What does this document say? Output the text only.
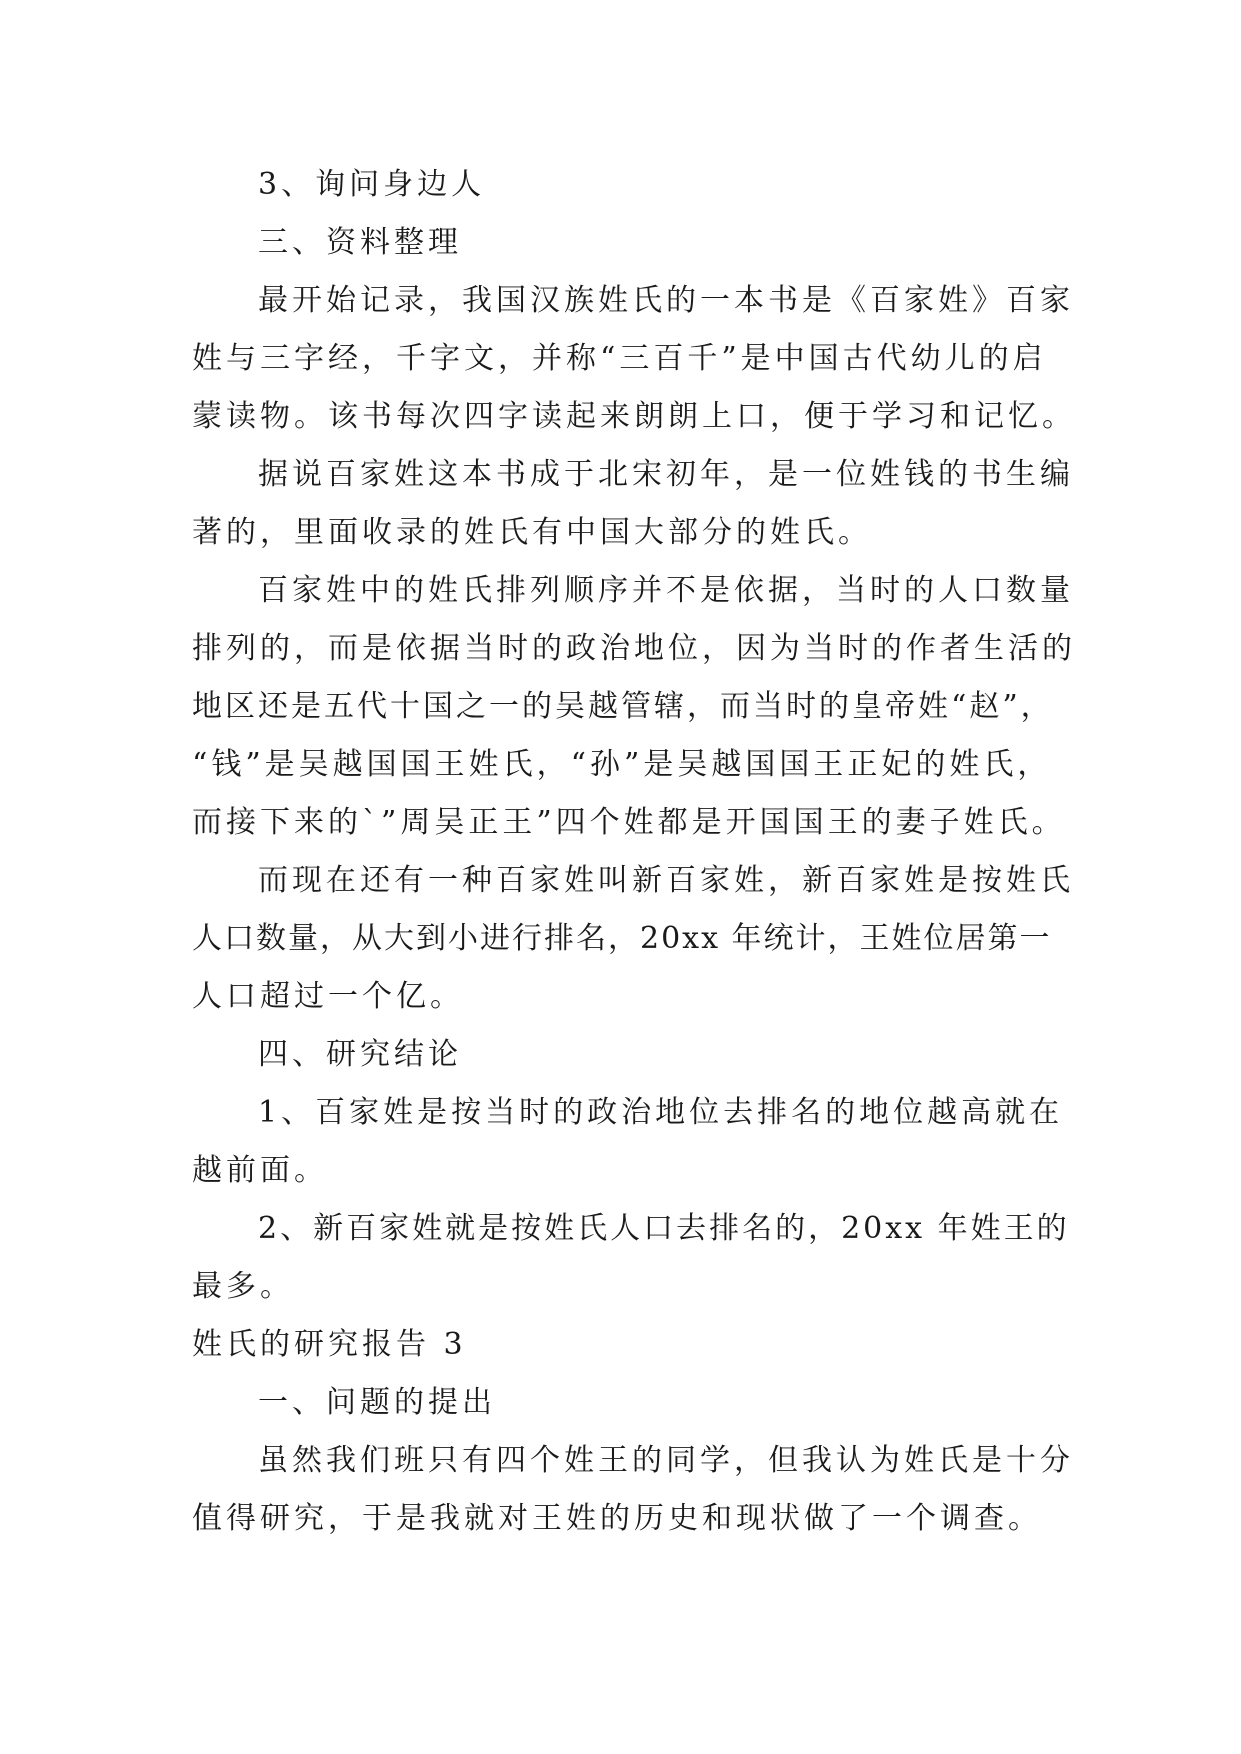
3、询问身边人

三、资料整理

最开始记录，我国汉族姓氏的一本书是《百家姓》百家

姓与三字经，千字文，并称“三百千”是中国古代幼儿的启

蒙读物。该书每次四字读起来朗朗上口，便于学习和记忆。

据说百家姓这本书成于北宋初年，是一位姓钱的书生编

著的，里面收录的姓氏有中国大部分的姓氏。

百家姓中的姓氏排列顺序并不是依据，当时的人口数量

排列的，而是依据当时的政治地位，因为当时的作者生活的

地区还是五代十国之一的吴越管辖，而当时的皇帝姓“赵”，

“钱”是吴越国国王姓氏，“孙”是吴越国国王正妃的姓氏，

而接下来的`”周吴正王”四个姓都是开国国王的妻子姓氏。

而现在还有一种百家姓叫新百家姓，新百家姓是按姓氏

人口数量，从大到小进行排名，20xx 年统计，王姓位居第一

人口超过一个亿。

四、研究结论

1、百家姓是按当时的政治地位去排名的地位越高就在

越前面。

2、新百家姓就是按姓氏人口去排名的，20xx 年姓王的

最多。

姓氏的研究报告 3

一、问题的提出

虽然我们班只有四个姓王的同学，但我认为姓氏是十分

值得研究，于是我就对王姓的历史和现状做了一个调查。
